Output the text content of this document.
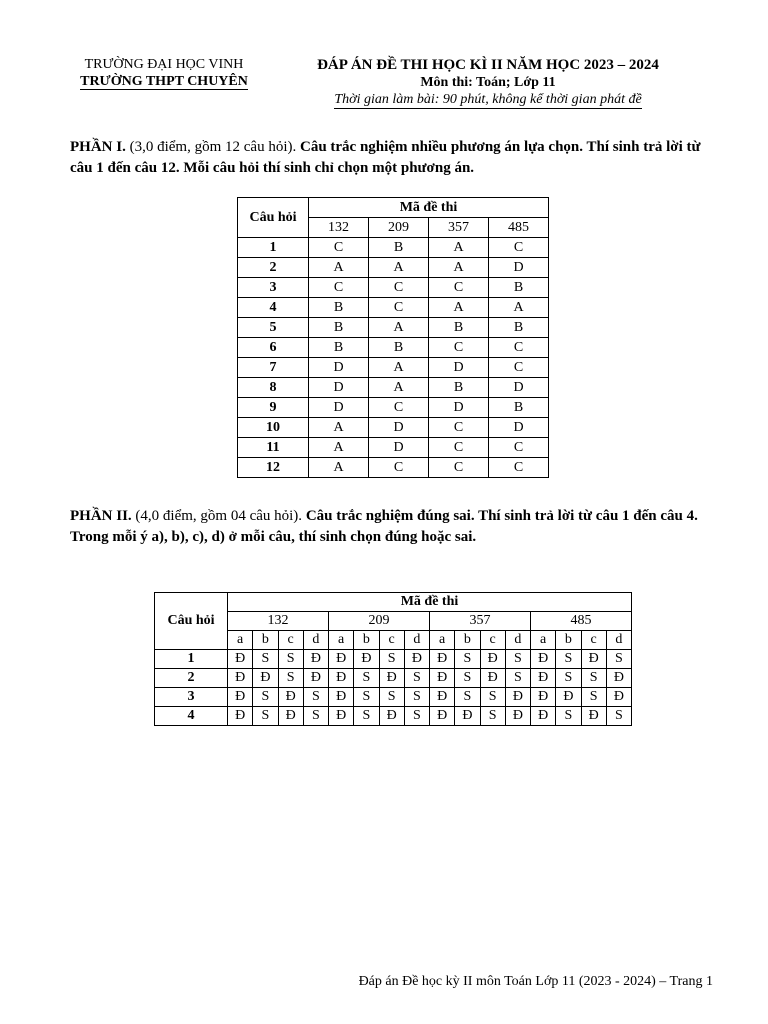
TRƯỜNG ĐẠI HỌC VINH
TRƯỜNG THPT CHUYÊN
ĐÁP ÁN ĐỀ THI HỌC KÌ II NĂM HỌC 2023 – 2024
Môn thi: Toán; Lớp 11
Thời gian làm bài: 90 phút, không kể thời gian phát đề
PHẦN I. (3,0 điểm, gồm 12 câu hỏi). Câu trắc nghiệm nhiều phương án lựa chọn. Thí sinh trả lời từ câu 1 đến câu 12. Mỗi câu hỏi thí sinh chỉ chọn một phương án.
Câu hỏi	Mã đề thi			
	132	209	357	485
1	C	B	A	C
2	A	A	A	D
3	C	C	C	B
4	B	C	A	A
5	B	A	B	B
6	B	B	C	C
7	D	A	D	C
8	D	A	B	D
9	D	C	D	B
10	A	D	C	D
11	A	D	C	C
12	A	C	C	C
PHẦN II. (4,0 điểm, gồm 04 câu hỏi). Câu trắc nghiệm đúng sai. Thí sinh trả lời từ câu 1 đến câu 4. Trong mỗi ý a), b), c), d) ở mỗi câu, thí sinh chọn đúng hoặc sai.
Câu hỏi	Mã đề thi															
	132				209				357				485			
	a	b	c	d	a	b	c	d	a	b	c	d	a	b	c	d
1	Đ	S	S	Đ	Đ	Đ	S	Đ	Đ	S	Đ	S	Đ	S	Đ	S
2	Đ	Đ	S	Đ	Đ	S	Đ	S	Đ	S	Đ	S	Đ	S	S	Đ
3	Đ	S	Đ	S	Đ	S	S	S	Đ	S	S	Đ	Đ	Đ	S	Đ
4	Đ	S	Đ	S	Đ	S	Đ	S	Đ	Đ	S	Đ	Đ	S	Đ	S
Đáp án Đề học kỳ II môn Toán Lớp 11 (2023 - 2024) – Trang 1
